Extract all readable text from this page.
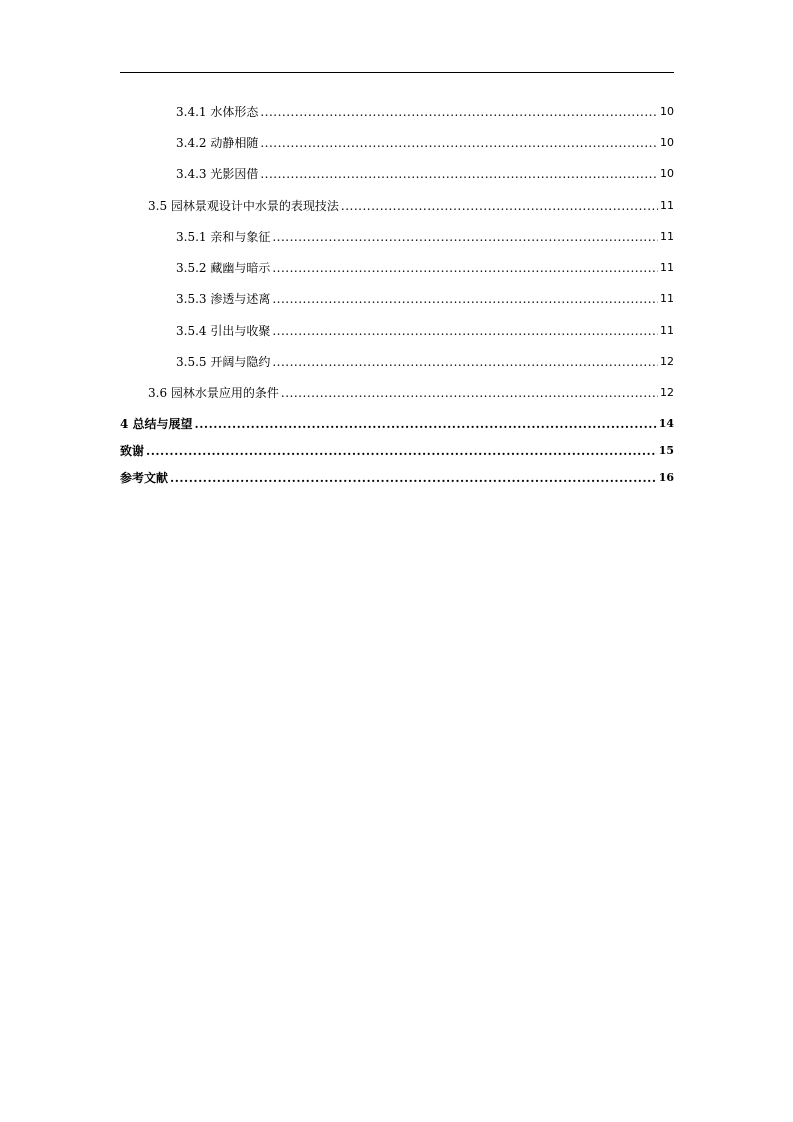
3.4.1 水体形态 .....	10
3.4.2 动静相随 .....	10
3.4.3 光影因借 .....	10
3.5 园林景观设计中水景的表现技法 .....	11
3.5.1 亲和与象征 .....	11
3.5.2 藏幽与暗示 .....	11
3.5.3 渗透与述离 .....	11
3.5.4 引出与收聚 .....	11
3.5.5 开阔与隐约 .....	12
3.6 园林水景应用的条件 .....	12
4 总结与展望 .....	14
致谢 .....	15
参考文献 .....	16
